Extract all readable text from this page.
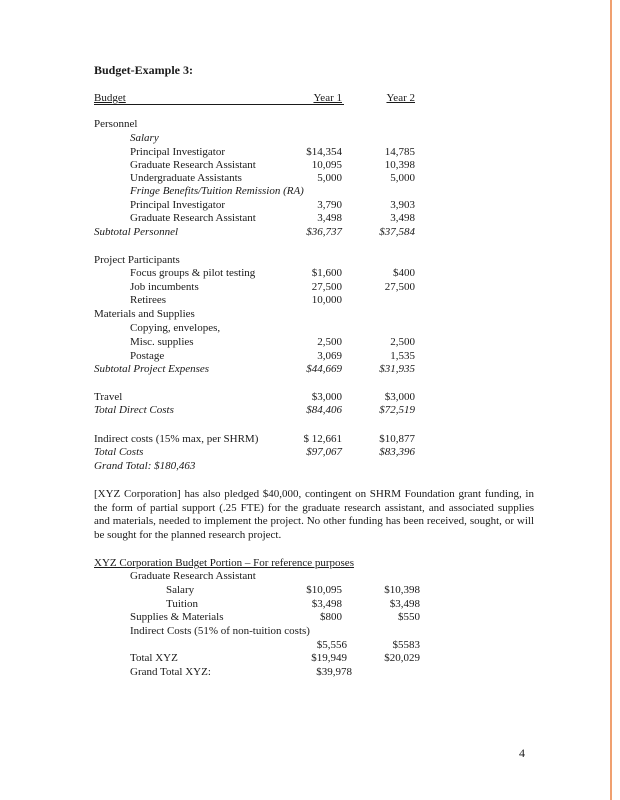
Budget-Example 3:
Budget	Year 1	Year 2
Personnel
Salary
Principal Investigator	$14,354	14,785
Graduate Research Assistant	10,095	10,398
Undergraduate Assistants	5,000	5,000
Fringe Benefits/Tuition Remission (RA)
Principal Investigator	3,790	3,903
Graduate Research Assistant	3,498	3,498
Subtotal Personnel	$36,737	$37,584
Project Participants
Focus groups & pilot testing	$1,600	$400
Job incumbents	27,500	27,500
Retirees	10,000
Materials and Supplies
Copying, envelopes,
Misc. supplies	2,500	2,500
Postage	3,069	1,535
Subtotal Project Expenses	$44,669	$31,935
Travel	$3,000	$3,000
Total Direct Costs	$84,406	$72,519
Indirect costs (15% max, per SHRM)	$ 12,661	$10,877
Total Costs	$97,067	$83,396
Grand Total: $180,463
[XYZ Corporation] has also pledged $40,000, contingent on SHRM Foundation grant funding, in the form of partial support (.25 FTE) for the graduate research assistant, and associated supplies and materials, needed to implement the project. No other funding has been received, sought, or will be sought for the planned research project.
XYZ Corporation Budget Portion – For reference purposes
Graduate Research Assistant
Salary	$10,095	$10,398
Tuition	$3,498	$3,498
Supplies & Materials	$800	$550
Indirect Costs (51% of non-tuition costs)
$5,556	$5583
Total XYZ	$19,949	$20,029
Grand Total XYZ:	$39,978
4
